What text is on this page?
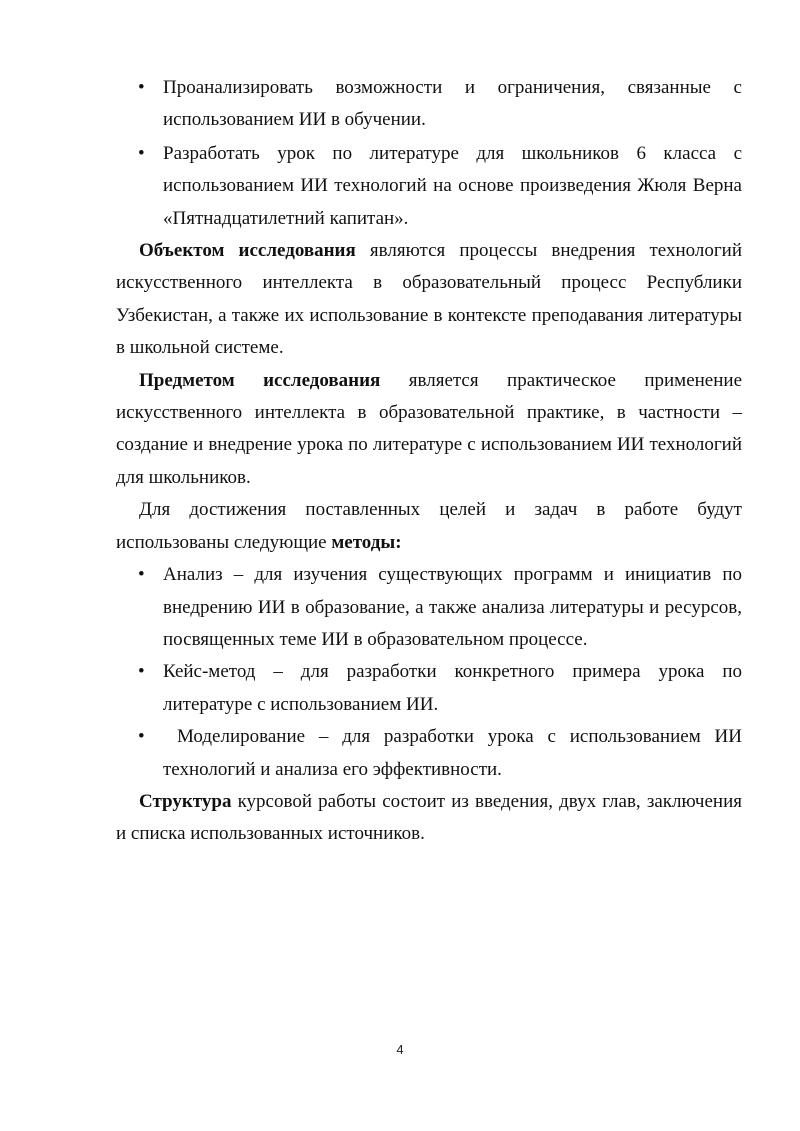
• Проанализировать возможности и ограничения, связанные с использованием ИИ в обучении.
• Разработать урок по литературе для школьников 6 класса с использованием ИИ технологий на основе произведения Жюля Верна «Пятнадцатилетний капитан».

Объектом исследования являются процессы внедрения технологий искусственного интеллекта в образовательный процесс Республики Узбекистан, а также их использование в контексте преподавания литературы в школьной системе.

Предметом исследования является практическое применение искусственного интеллекта в образовательной практике, в частности – создание и внедрение урока по литературе с использованием ИИ технологий для школьников.

Для достижения поставленных целей и задач в работе будут использованы следующие методы:

• Анализ – для изучения существующих программ и инициатив по внедрению ИИ в образование, а также анализа литературы и ресурсов, посвященных теме ИИ в образовательном процессе.
• Кейс-метод – для разработки конкретного примера урока по литературе с использованием ИИ.
• Моделирование – для разработки урока с использованием ИИ технологий и анализа его эффективности.

Структура курсовой работы состоит из введения, двух глав, заключения и списка использованных источников.

4
